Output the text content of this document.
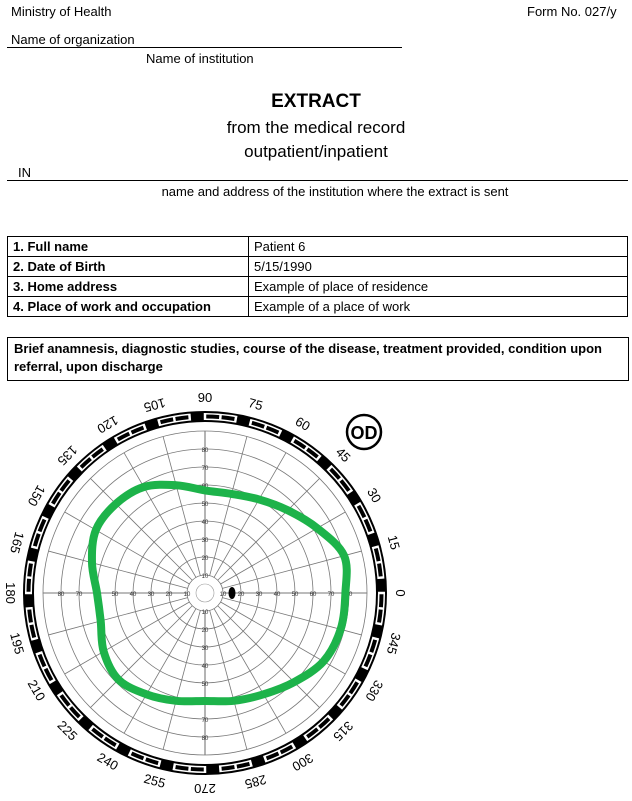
Ministry of Health	Form No. 027/y
Name of organization
Name of institution
EXTRACT
from the medical record
outpatient/inpatient
IN
name and address of the institution where the extract is sent
1. Full name	Patient 6
2. Date of Birth	5/15/1990
3. Home address	Example of place of residence
4. Place of work and occupation	Example of a place of work
Brief anamnesis, diagnostic studies, course of the disease, treatment provided, condition upon referral, upon discharge
0
15
30
45
60
75
90
105
120
135
150
165
180
195
210
225
240
255 270 285
300
315
330
345
10
10
10
10
20
20
20
20
30
30
30
30
40
40
40
40
50
50
50
50
60
60
60
60
70
70
70
70
80
80
80
80
OD
